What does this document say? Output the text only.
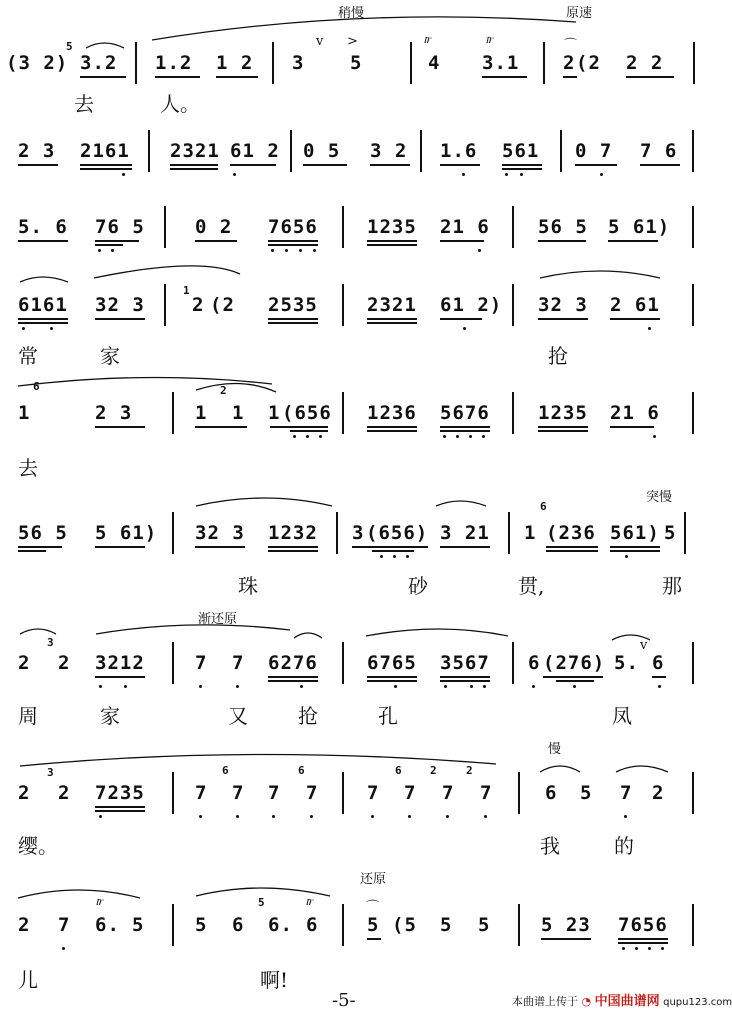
(3 2)
5
3.2 1.2 1 2 3
v >
5
𝆖
4
𝆖
3.1
⌒
2 (2 2 2
去	人。
2 3 2161 2321 61 2 0 5 3 2 1.6 561 0 7 7 6
5. 6 76 5	0 2 7656	1235 21 6	56 5 5 61)
6161 32 3
1
2 (2 2535	2321 61 2) 32 3 2 61
常	家	抢
6
1	2 3	1
2
1 1 (656 1236 5676	1235 21 6
去
56 5 5 61) 32 3 1232 3 (656) 3 21
6
1 (236 561) 5
珠	砂	贯,	那
2
3
2 3212	7 7 6276	6765 3567 6 (276) 5.
v
6
周	家	又	抢	孔	凤
2
3
2 7235	7
6
7 7
6
7	7
6
7
2
7
2
7	6 5 7 2
缨。	我	的
2 7
𝆖
6. 5	5 6
5
6.
𝆖
6
⌒
5 (5 5 5	5 23 7656
儿	啊!
稍慢	原速
突慢
渐还原
慢
还原
-5-	本曲谱上传于 ◔ 中国曲谱网 qupu123.com
